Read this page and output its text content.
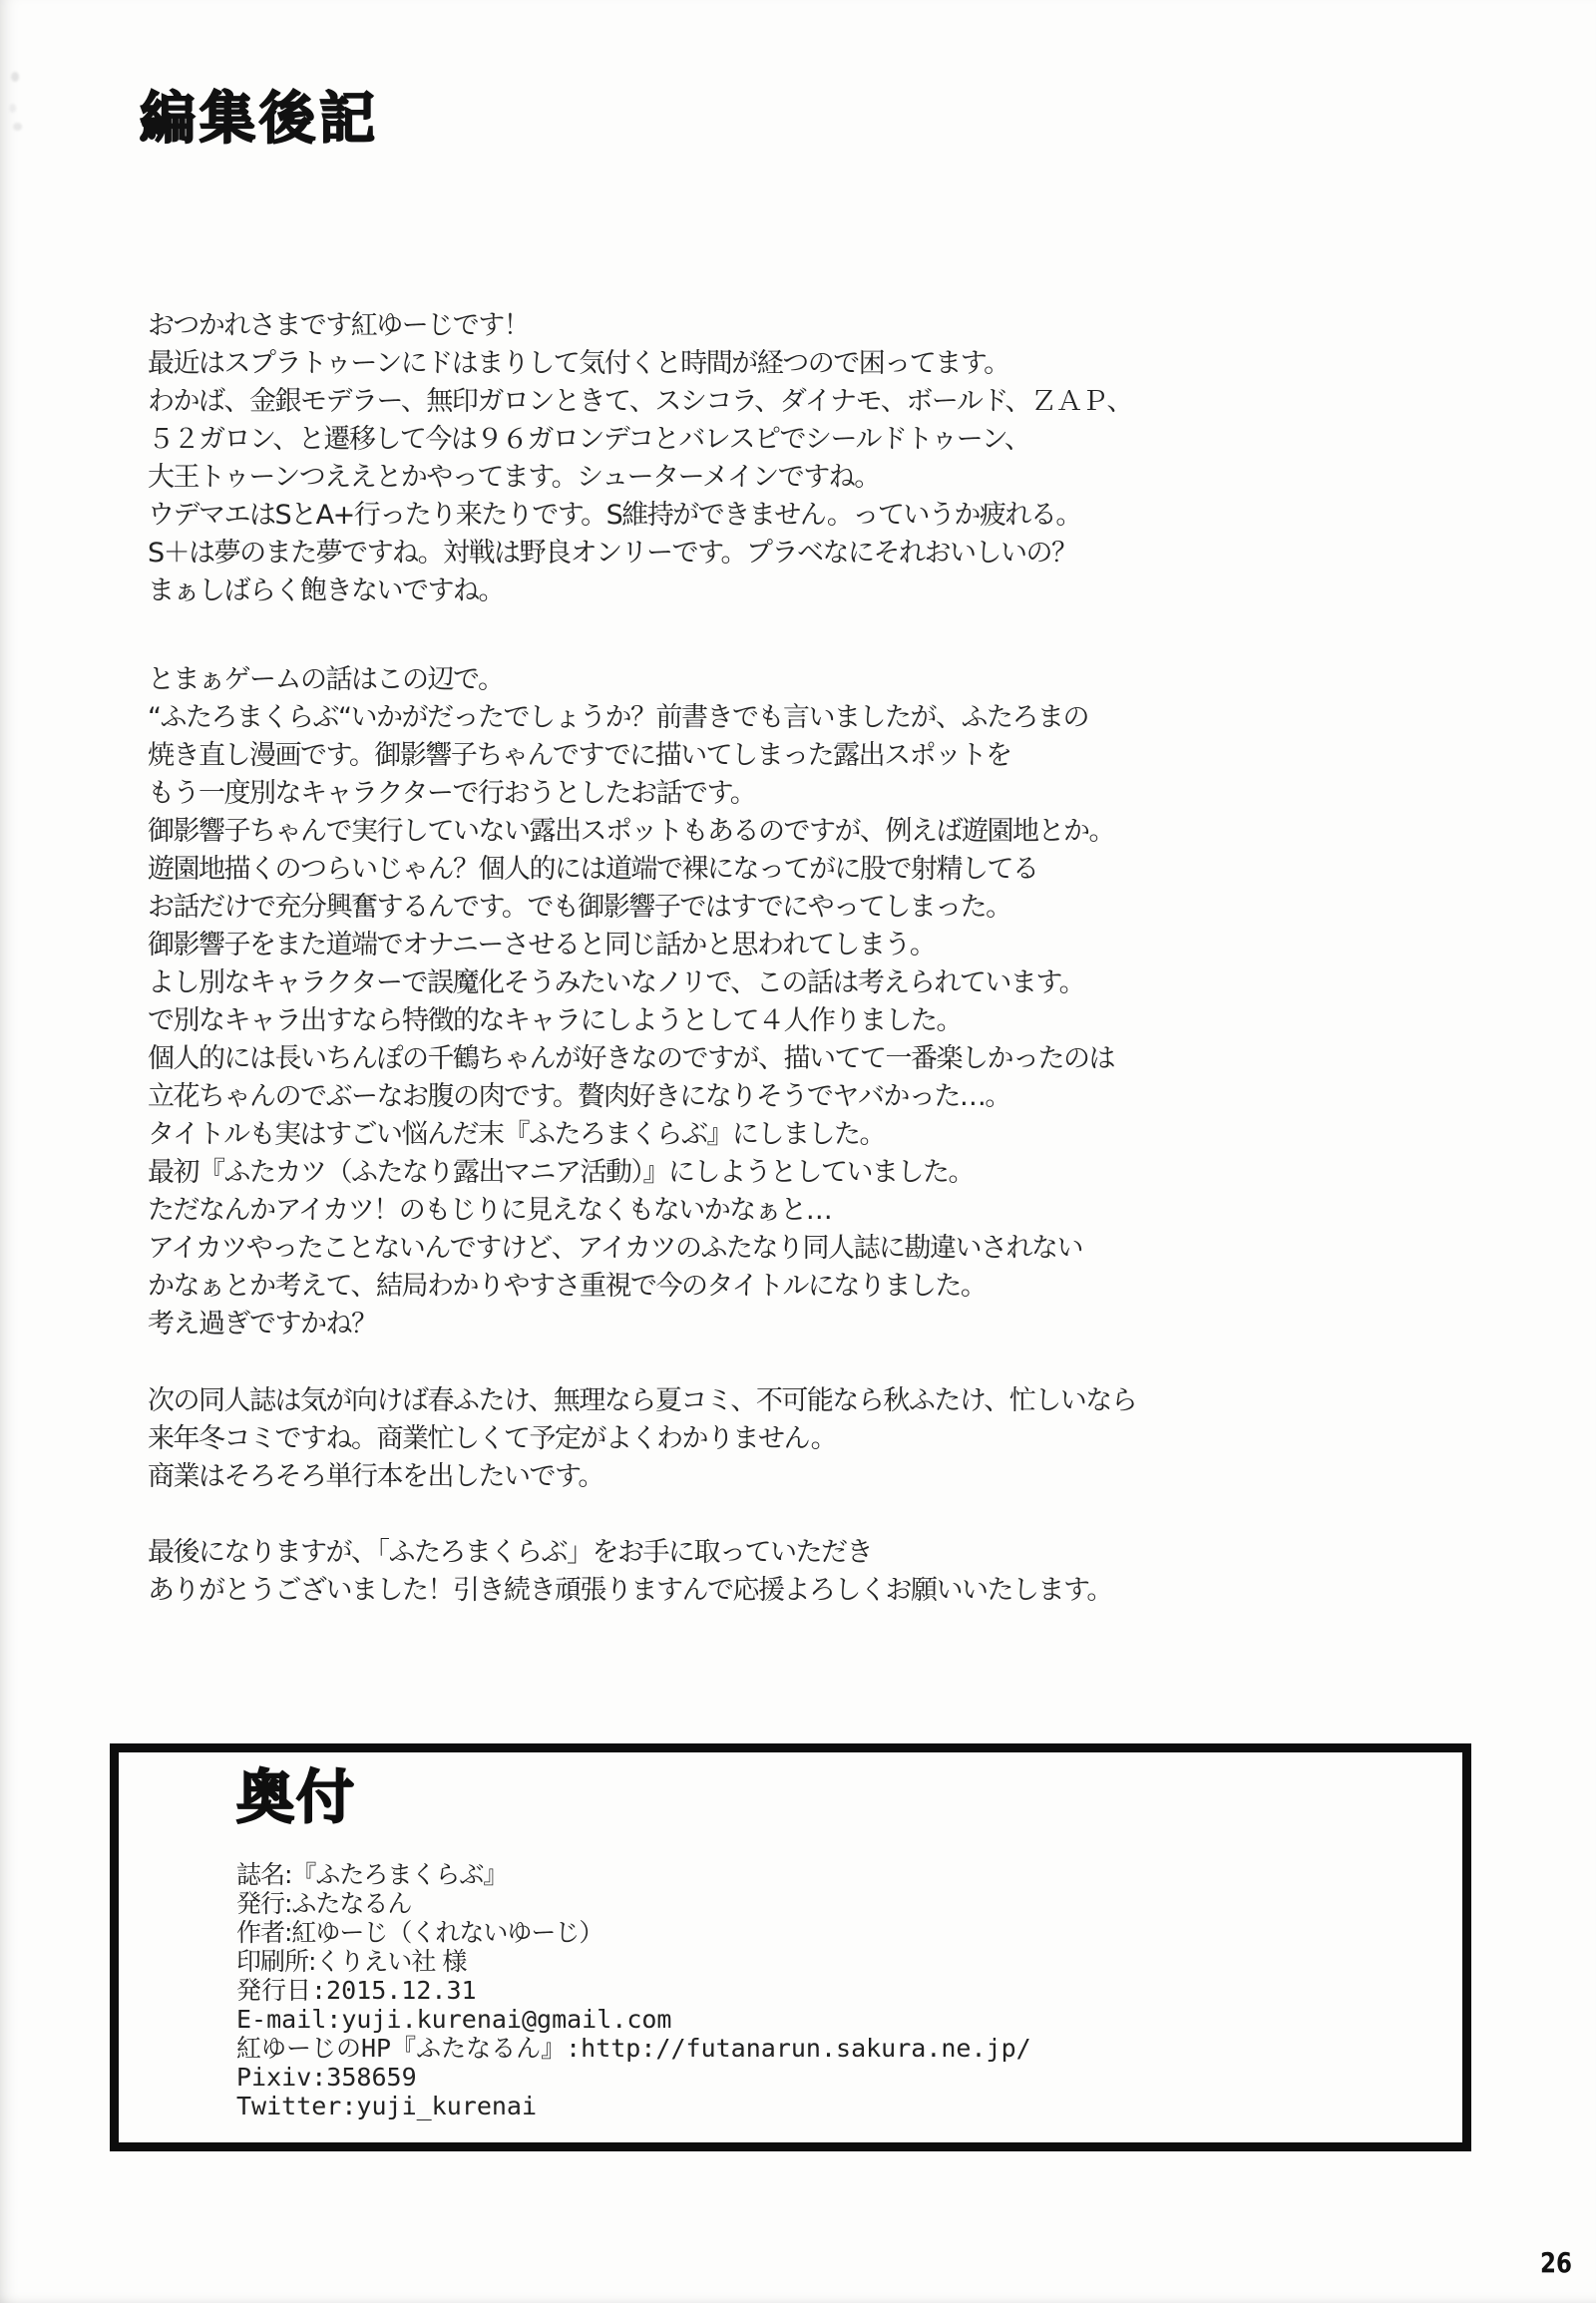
編集後記
おつかれさまです紅ゆーじです！
最近はスプラトゥーンにドはまりして気付くと時間が経つので困ってます。
わかば、金銀モデラー、無印ガロンときて、スシコラ、ダイナモ、ボールド、ＺＡＰ、
５２ガロン、と遷移して今は９６ガロンデコとバレスピでシールドトゥーン、
大王トゥーンつええとかやってます。シューターメインですね。
ウデマエはSとA+行ったり来たりです。S維持ができません。っていうか疲れる。
S＋は夢のまた夢ですね。対戦は野良オンリーです。プラベなにそれおいしいの？
まぁしばらく飽きないですね。
とまぁゲームの話はこの辺で。
“ふたろまくらぶ“いかがだったでしょうか？前書きでも言いましたが、ふたろまの
焼き直し漫画です。御影響子ちゃんですでに描いてしまった露出スポットを
もう一度別なキャラクターで行おうとしたお話です。
御影響子ちゃんで実行していない露出スポットもあるのですが、例えば遊園地とか。
遊園地描くのつらいじゃん？個人的には道端で裸になってがに股で射精してる
お話だけで充分興奮するんです。でも御影響子ではすでにやってしまった。
御影響子をまた道端でオナニーさせると同じ話かと思われてしまう。
よし別なキャラクターで誤魔化そうみたいなノリで、この話は考えられています。
で別なキャラ出すなら特徴的なキャラにしようとして４人作りました。
個人的には長いちんぽの千鶴ちゃんが好きなのですが、描いてて一番楽しかったのは
立花ちゃんのでぶーなお腹の肉です。贅肉好きになりそうでヤバかった…。
タイトルも実はすごい悩んだ末『ふたろまくらぶ』にしました。
最初『ふたカツ（ふたなり露出マニア活動）』にしようとしていました。
ただなんかアイカツ！のもじりに見えなくもないかなぁと…
アイカツやったことないんですけど、アイカツのふたなり同人誌に勘違いされない
かなぁとか考えて、結局わかりやすさ重視で今のタイトルになりました。
考え過ぎですかね？
次の同人誌は気が向けば春ふたけ、無理なら夏コミ、不可能なら秋ふたけ、忙しいなら
来年冬コミですね。商業忙しくて予定がよくわかりません。
商業はそろそろ単行本を出したいです。
最後になりますが、「ふたろまくらぶ」をお手に取っていただき
ありがとうございました！引き続き頑張りますんで応援よろしくお願いいたします。
奥付
誌名:『ふたろまくらぶ』
発行:ふたなるん
作者:紅ゆーじ（くれないゆーじ）
印刷所:くりえい社 様
発行日:2015.12.31
E-mail:yuji.kurenai@gmail.com
紅ゆーじのHP『ふたなるん』:http://futanarun.sakura.ne.jp/
Pixiv:358659
Twitter:yuji_kurenai
26
